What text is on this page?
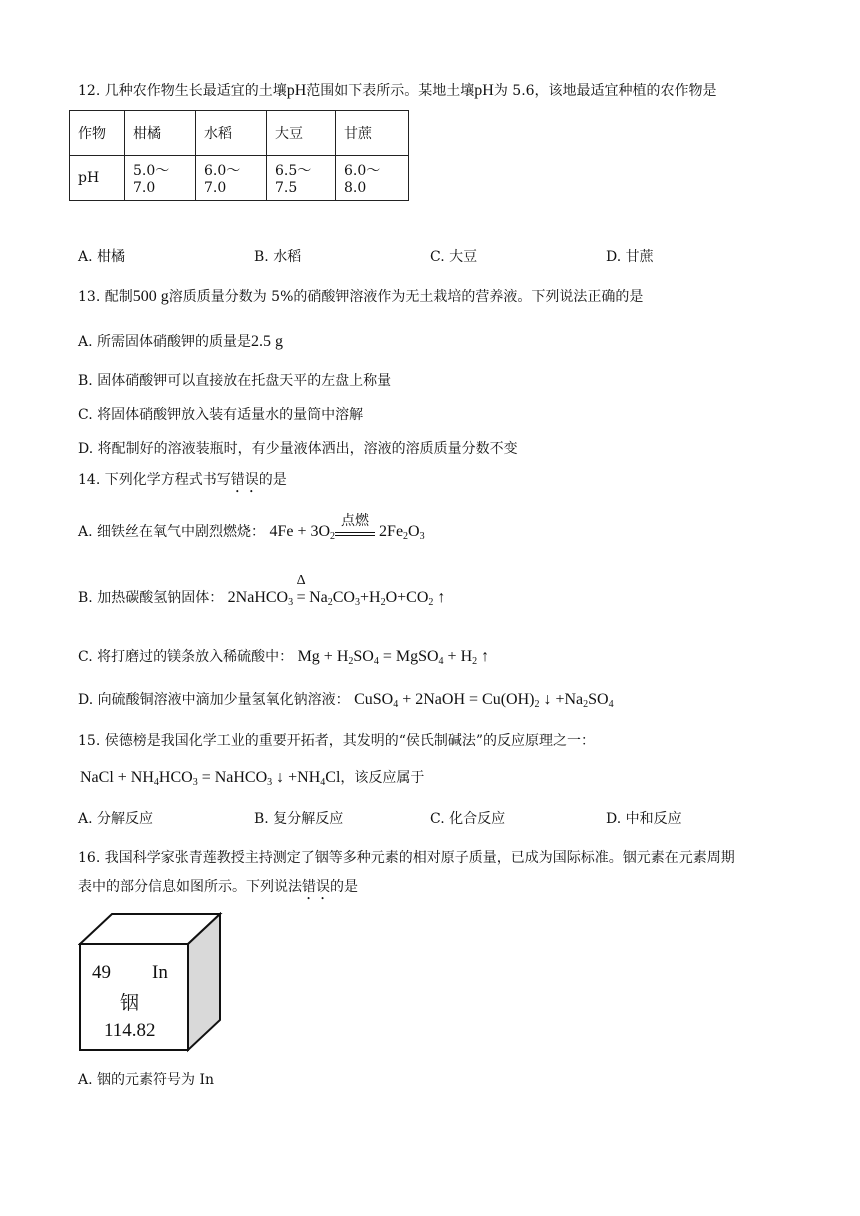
12. 几种农作物生长最适宜的土壤pH范围如下表所示。某地土壤pH为 5.6，该地最适宜种植的农作物是
作物	柑橘	水稻	大豆	甘蔗
pH	5.0～7.0	6.0～7.0	6.5～7.5	6.0～8.0
A. 柑橘	B. 水稻	C. 大豆	D. 甘蔗
13. 配制500 g溶质质量分数为 5%的硝酸钾溶液作为无土栽培的营养液。下列说法正确的是
A. 所需固体硝酸钾的质量是2.5 g
B. 固体硝酸钾可以直接放在托盘天平的左盘上称量
C. 将固体硝酸钾放入装有适量水的量筒中溶解
D. 将配制好的溶液装瓶时，有少量液体洒出，溶液的溶质质量分数不变
14. 下列化学方程式书写错误的是
A. 细铁丝在氧气中剧烈燃烧： $4Fe + 3O_2$
点燃
$2Fe_2O_3$
B. 加热碳酸氢钠固体： 2NaHCO$_3$
Δ
= $Na_2CO_3+H_2O+CO_2$ ↑
C. 将打磨过的镁条放入稀硫酸中： $Mg + H_2SO_4$ = MgSO$_4$ + $H_2$ ↑
D. 向硫酸铜溶液中滴加少量氢氧化钠溶液： CuSO$_4$ + 2NaOH = $Cu(OH)_2$ ↓ $+Na_2SO_4$
15. 侯德榜是我国化学工业的重要开拓者，其发明的“侯氏制碱法”的反应原理之一：
NaCl + $NH_4HCO_3$ = NaHCO$_3$ ↓ $+NH_4Cl$，该反应属于
A. 分解反应	B. 复分解反应	C. 化合反应	D. 中和反应
16. 我国科学家张青莲教授主持测定了铟等多种元素的相对原子质量，已成为国际标准。铟元素在元素周期
表中的部分信息如图所示。下列说法错误的是
49 In
铟
114.82
A. 铟的元素符号为 In
